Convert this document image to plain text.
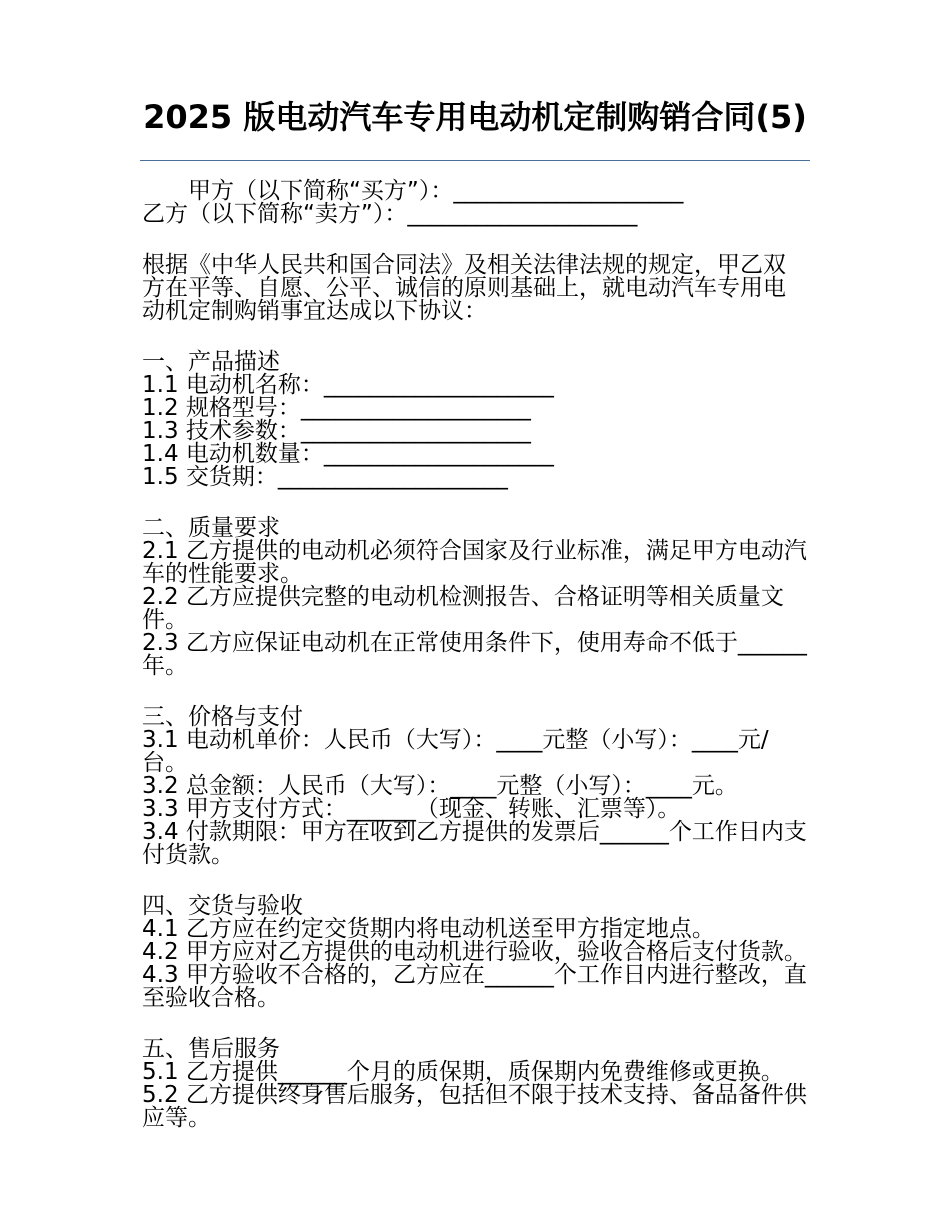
2025 版电动汽车专用电动机定制购销合同(5)

甲方（以下简称“买方”）：____________________

乙方（以下简称“卖方”）：____________________

根据《中华人民共和国合同法》及相关法律法规的规定，甲乙双方在平等、自愿、公平、诚信的原则基础上，就电动汽车专用电动机定制购销事宜达成以下协议：

一、产品描述

1.1 电动机名称：____________________

1.2 规格型号：____________________

1.3 技术参数：____________________

1.4 电动机数量：____________________

1.5 交货期：____________________

二、质量要求

2.1 乙方提供的电动机必须符合国家及行业标准，满足甲方电动汽车的性能要求。

2.2 乙方应提供完整的电动机检测报告、合格证明等相关质量文件。

2.3 乙方应保证电动机在正常使用条件下，使用寿命不低于______年。

三、价格与支付

3.1 电动机单价：人民币（大写）：____元整（小写）：____元/台。

3.2 总金额：人民币（大写）：____元整（小写）：____元。

3.3 甲方支付方式：______（现金、转账、汇票等）。

3.4 付款期限：甲方在收到乙方提供的发票后______个工作日内支付货款。

四、交货与验收

4.1 乙方应在约定交货期内将电动机送至甲方指定地点。

4.2 甲方应对乙方提供的电动机进行验收，验收合格后支付货款。

4.3 甲方验收不合格的，乙方应在______个工作日内进行整改，直至验收合格。

五、售后服务

5.1 乙方提供______个月的质保期，质保期内免费维修或更换。

5.2 乙方提供终身售后服务，包括但不限于技术支持、备品备件供应等。
